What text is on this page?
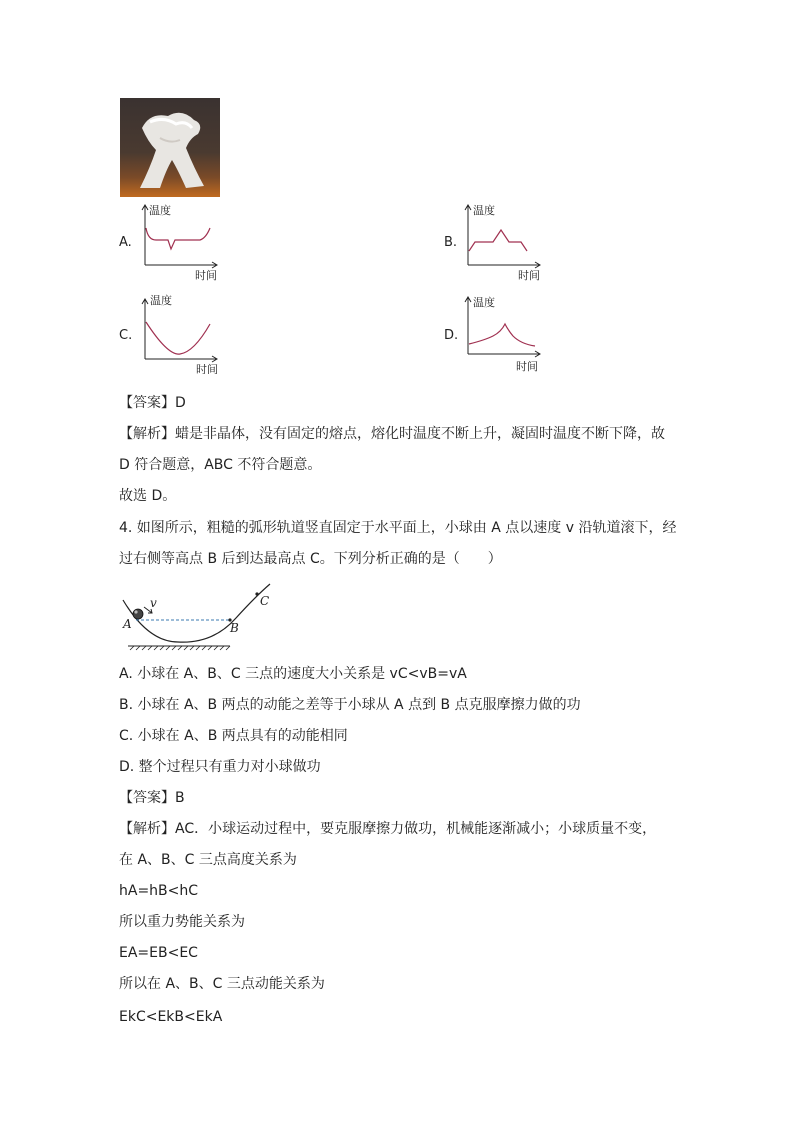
A.
温度
时间
B.
温度
时间
C.
温度
时间
D.
温度
时间
【答案】D
【解析】蜡是非晶体，没有固定的熔点，熔化时温度不断上升，凝固时温度不断下降，故
D 符合题意，ABC 不符合题意。
故选 D。
4. 如图所示，粗糙的弧形轨道竖直固定于水平面上，小球由 A 点以速度 v 沿轨道滚下，经
过右侧等高点 B 后到达最高点 C。下列分析正确的是（　　）
v
A	B
C
A. 小球在 A、B、C 三点的速度大小关系是 vC<vB=vA
B. 小球在 A、B 两点的动能之差等于小球从 A 点到 B 点克服摩擦力做的功
C. 小球在 A、B 两点具有的动能相同
D. 整个过程只有重力对小球做功
【答案】B
【解析】AC．小球运动过程中，要克服摩擦力做功，机械能逐渐减小；小球质量不变，
在 A、B、C 三点高度关系为
hA=hB<hC
所以重力势能关系为
EA=EB<EC
所以在 A、B、C 三点动能关系为
EkC<EkB<EkA
